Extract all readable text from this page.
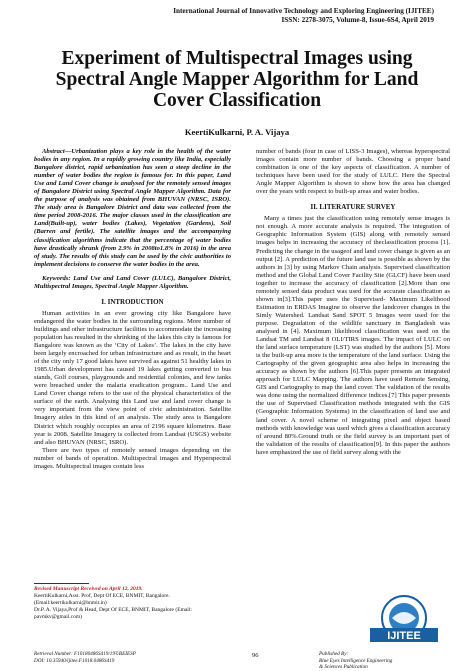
International Journal of Innovative Technology and Exploring Engineering (IJITEE)
ISSN: 2278-3075, Volume-8, Issue-6S4, April 2019
Experiment of Multispectral Images using Spectral Angle Mapper Algorithm for Land Cover Classification
KeertiKulkarni, P. A. Vijaya

Abstract—Urbanization plays a key role in the health of the water bodies in any region. In a rapidly growing country like India, especially Bangalore district, rapid urbanization has seen a steep decline in the number of water bodies the region is famous for. In this paper, Land Use and Land Cover change is analysed for the remotely sensed images of Bangalore District using Spectral Angle Mapper Algorithm. Data for the purpose of analysis was obtained from BHUVAN (NRSC, ISRO). The study area is Bangalore District and data was collected from the time period 2008-2016. The major classes used in the classification are Land(Built-up), water bodies (Lakes), Vegetation (Gardens), Soil (Barren and fertile). The satellite images and the accompanying classification algorithms indicate that the percentage of water bodies have drastically shrunk (from 2.9% in 2008to1.8% in 2016) in the area of study. The results of this study can be used by the civic authorities to implement decisions to conserve the water bodies in the area.

Keywords: Land Use and Land Cover (LULC), Bangalore District, Multispectral Images, Spectral Angle Mapper Algorithm.

I. INTRODUCTION

Human activities in an ever growing city like Bangalore have endangered the water bodies in the surrounding regions. More number of buildings and other infrastructure facilities to accommodate the increasing population has resulted in the shrinking of the lakes this city is famous for Bangalore was known as the ‘City of Lakes’. The lakes in the city have been largely encroached for urban infrastructure and as result, in the heart of the city only 17 good lakes have survived as against 51 healthy lakes in 1985.Urban development has caused 19 lakes getting converted to bus stands, Golf courses, playgrounds and residential colonies, and few tanks were breached under the malaria eradication program.. Land Use and Land Cover change refers to the use of the physical characteristics of the surface of the earth. Analysing this Land use and land cover change is very important from the view point of civic administration. Satellite Imagery aides in this kind of an analysis. The study area is Bangalore District which roughly occupies an area of 2196 square kilometres. Base year is 2008. Satellite Imagery is collected from Landsat (USGS) website and also BHUVAN (NRSC, ISRO).

There are two types of remotely sensed images depending on the number of bands of operation. Multispectral images and Hyperspectral images. Multispectral images contain less

number of bands (four in case of LISS-3 Images), whereas hyperspectral images contain more number of bands. Choosing a proper band combination is one of the key aspects of classification. A number of techniques have been used for the study of LULC. Here the Spectral Angle Mapper Algorithm is shown to show how the area has changed over the years with respect to built-up areas and water bodies.

II. LITERATURE SURVEY

Many a times just the classification using remotely sense images is not enough. A more accurate analysis is required. The integration of Geographic Information System (GIS) along with remotely sensed images helps in increasing the accuracy of theclassification process [1]. Predicting the change in the usageof and land cover change is given as an output [2]. A prediction of the future land use is possible as shown by the authors in [3] by using Markov Chain analysis. Supervised classification method and the Global Land Cover Facility Site (GLCF) have been used together to increase the accuracy of classification [2].More than one remotely sensed data product was used for the accurate classification as shown in[3].This paper uses the Supervised- Maximum Likelihood Estimation in ERDAS Imagine to observe the landcover changes in the Simly Watershed. Landsat Sand SPOT 5 Images were used for the purpose. Degradation of the wildlife sanctuary in Bangladesh was analysed in [4]. Maximum likelihood classification was used on the Landsat TM and Landsat 8 OLI/TIRS images. The impact of LULC on the land surface temperature (LST) was studied by the authors [5]. More is the built-up area more is the temperature of the land surface. Using the Cartography of the given geographic area also helps in increasing the accuracy as shown by the authors [6].This paper presents an integrated approach for LULC Mapping. The authors have used Remote Sensing, GIS and Cartography to map the land cover. The validation of the results was done using the normalized difference indices.[7] This paper presents the use of Supervised Classification methods integrated with the GIS (Geographic Information Systems) in the classification of land use and land cover. A novel scheme of integrating pixel and object based methods with knowledge was used which gives a classification accuracy of around 80%.Ground truth or the field survey is an important part of the validation of the results of classification[9]. In this paper the authors have emphasized the use of field survey along with the

Revised Manuscript Received on April 12, 2019.

KeertiKulkarni,Asst. Prof, Dept Of ECE, BNMIT, Bangalore. (Email:keertikulkarni@bnmit.in)

Dr.P. A. Vijaya,Prof & Head, Dept Of ECE, BNMIT, Bangalore (Email: pavmkv@gmail.com)

IJITEE
Retrieval Number: F10180486S419/19©BEIESP
DOI: 10.35940/ijitee.F1018.0486S419
96	Published By:
Blue Eyes Intelligence Engineering
& Sciences Publication
